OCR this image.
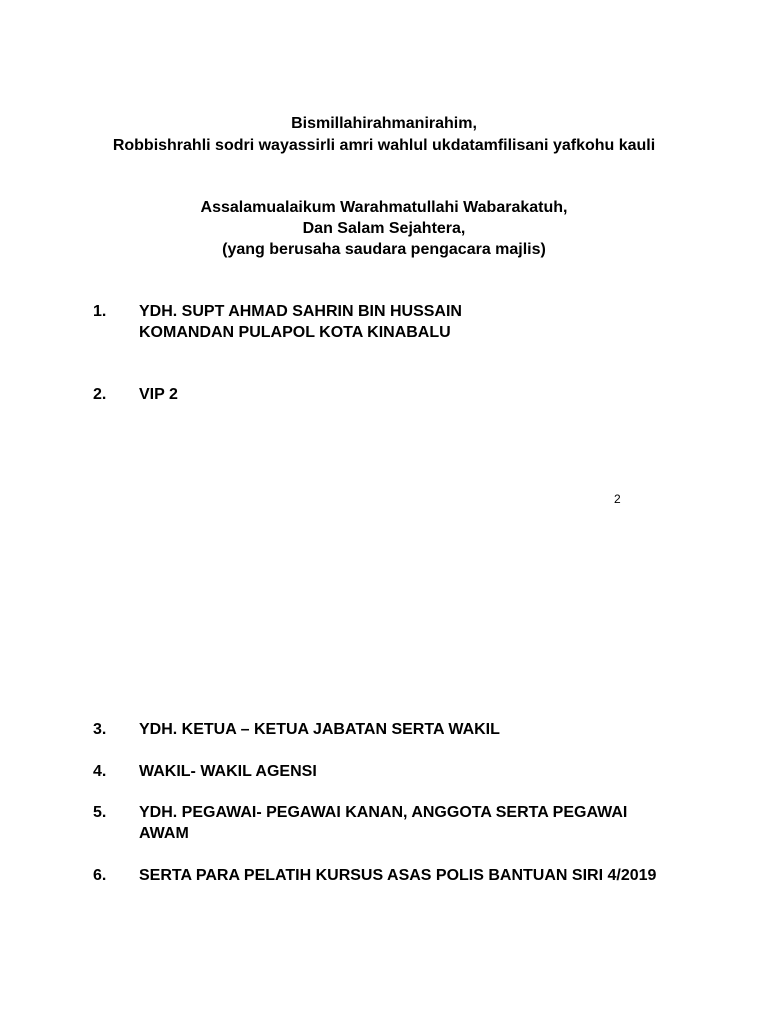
Bismillahirahmanirahim,
Robbishrahli sodri wayassirli amri wahlul ukdatamfilisani yafkohu kauli
Assalamualaikum Warahmatullahi Wabarakatuh,
Dan Salam Sejahtera,
(yang berusaha saudara pengacara majlis)
1.	YDH. SUPT AHMAD SAHRIN BIN HUSSAIN
KOMANDAN PULAPOL KOTA KINABALU
2.	VIP 2
2
3.	YDH. KETUA – KETUA JABATAN SERTA WAKIL
4.	WAKIL- WAKIL AGENSI
5.	YDH. PEGAWAI- PEGAWAI KANAN, ANGGOTA SERTA PEGAWAI
AWAM
6.	SERTA PARA PELATIH KURSUS ASAS POLIS BANTUAN SIRI 4/2019
